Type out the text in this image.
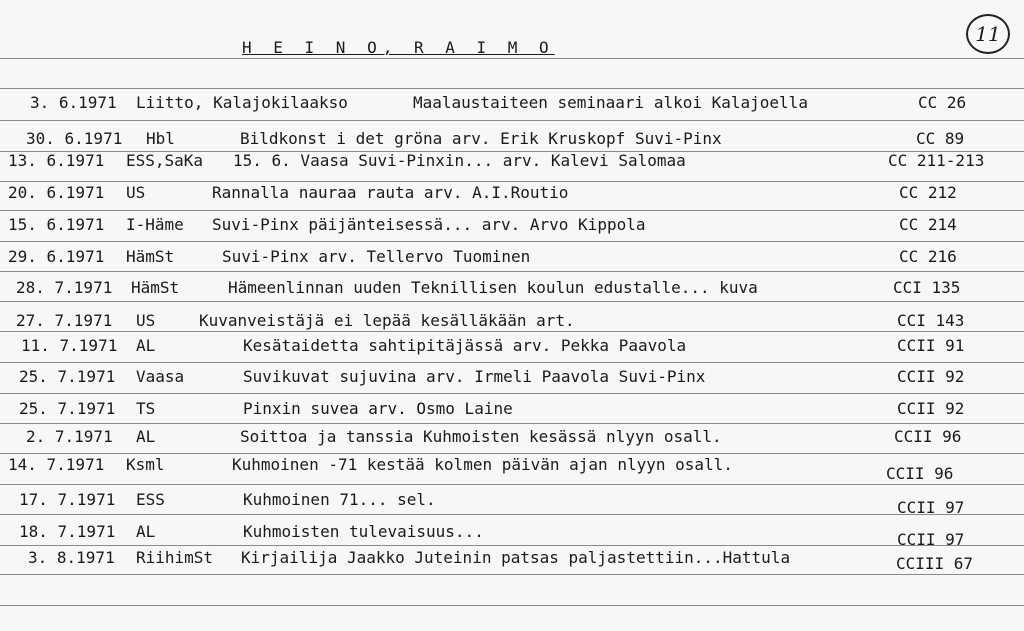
11
H E I N O, R A I M O
3. 6.1971 Liitto, Kalajokilaakso	Maalaustaiteen seminaari alkoi Kalajoella	CC 26
30. 6.1971 Hbl	Bildkonst i det gröna arv. Erik Kruskopf Suvi-Pinx	CC 89
13. 6.1971 ESS,SaKa 15. 6. Vaasa Suvi-Pinxin... arv. Kalevi Salomaa	CC 211-213
20. 6.1971 US	Rannalla nauraa rauta arv. A.I.Routio	CC 212
15. 6.1971 I-Häme Suvi-Pinx päijänteisessä... arv. Arvo Kippola	CC 214
29. 6.1971 HämSt	Suvi-Pinx arv. Tellervo Tuominen	CC 216
28. 7.1971 HämSt	Hämeenlinnan uuden Teknillisen koulun edustalle... kuva	CCI 135
27. 7.1971 US	Kuvanveistäjä ei lepää kesälläkään art.	CCI 143
11. 7.1971 AL	Kesätaidetta sahtipitäjässä arv. Pekka Paavola	CCII 91
25. 7.1971 Vaasa	Suvikuvat sujuvina arv. Irmeli Paavola Suvi-Pinx	CCII 92
25. 7.1971 TS	Pinxin suvea arv. Osmo Laine	CCII 92
2. 7.1971 AL	Soittoa ja tanssia Kuhmoisten kesässä nlyyn osall.	CCII 96
14. 7.1971 Ksml	Kuhmoinen -71 kestää kolmen päivän ajan nlyyn osall.	CCII 96
17. 7.1971 ESS	Kuhmoinen 71... sel.	CCII 97
18. 7.1971 AL	Kuhmoisten tulevaisuus...	CCII 97
3. 8.1971 RiihimSt Kirjailija Jaakko Juteinin patsas paljastettiin...Hattula	CCIII 67
